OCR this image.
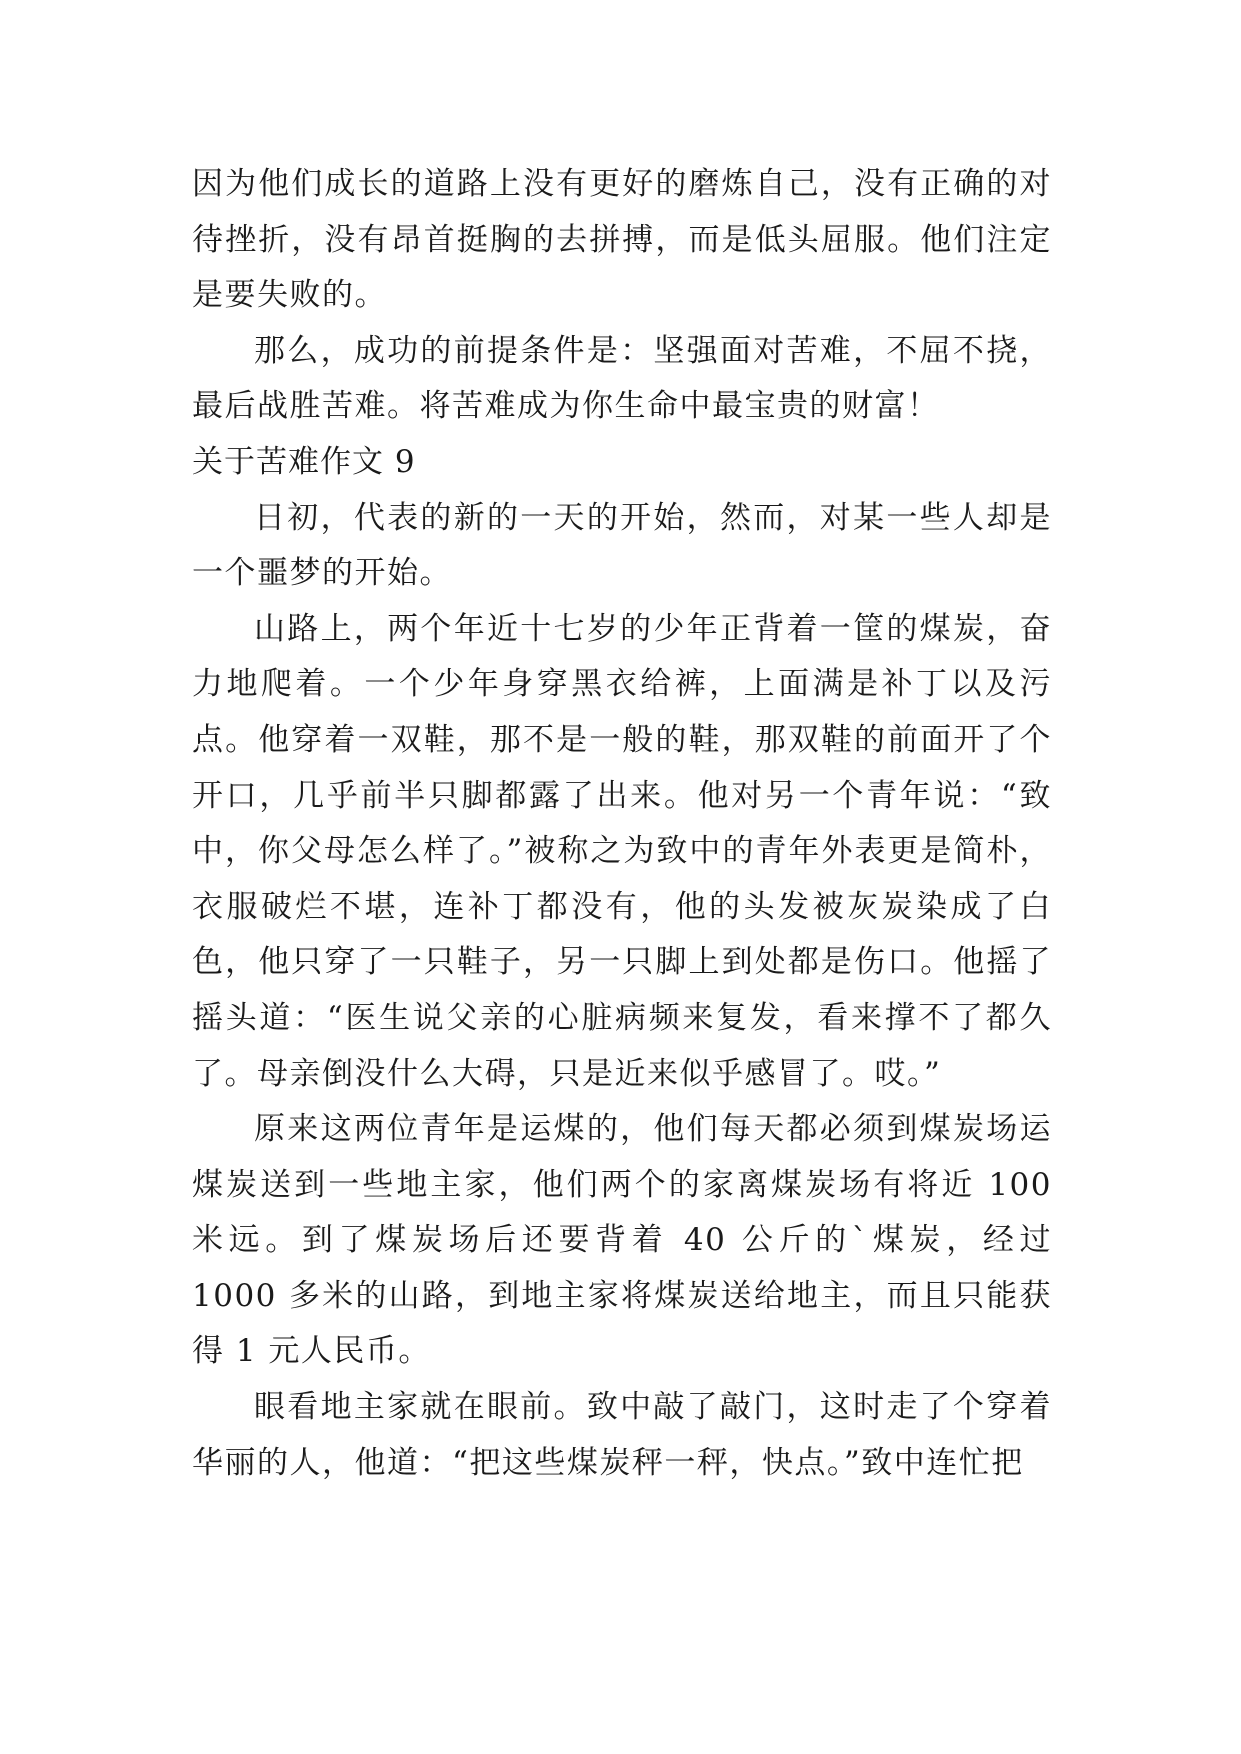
因为他们成长的道路上没有更好的磨炼自己，没有正确的对待挫折，没有昂首挺胸的去拼搏，而是低头屈服。他们注定是要失败的。

那么，成功的前提条件是：坚强面对苦难，不屈不挠，最后战胜苦难。将苦难成为你生命中最宝贵的财富！

关于苦难作文 9

日初，代表的新的一天的开始，然而，对某一些人却是一个噩梦的开始。

山路上，两个年近十七岁的少年正背着一筐的煤炭，奋力地爬着。一个少年身穿黑衣给裤，上面满是补丁以及污点。他穿着一双鞋，那不是一般的鞋，那双鞋的前面开了个开口，几乎前半只脚都露了出来。他对另一个青年说：“致中，你父母怎么样了。”被称之为致中的青年外表更是简朴，衣服破烂不堪，连补丁都没有，他的头发被灰炭染成了白色，他只穿了一只鞋子，另一只脚上到处都是伤口。他摇了摇头道：“医生说父亲的心脏病频来复发，看来撑不了都久了。母亲倒没什么大碍，只是近来似乎感冒了。哎。”

原来这两位青年是运煤的，他们每天都必须到煤炭场运煤炭送到一些地主家，他们两个的家离煤炭场有将近 100 米远。到了煤炭场后还要背着 40 公斤的`煤炭，经过 1000 多米的山路，到地主家将煤炭送给地主，而且只能获得 1 元人民币。

眼看地主家就在眼前。致中敲了敲门，这时走了个穿着华丽的人，他道：“把这些煤炭秤一秤，快点。”致中连忙把
